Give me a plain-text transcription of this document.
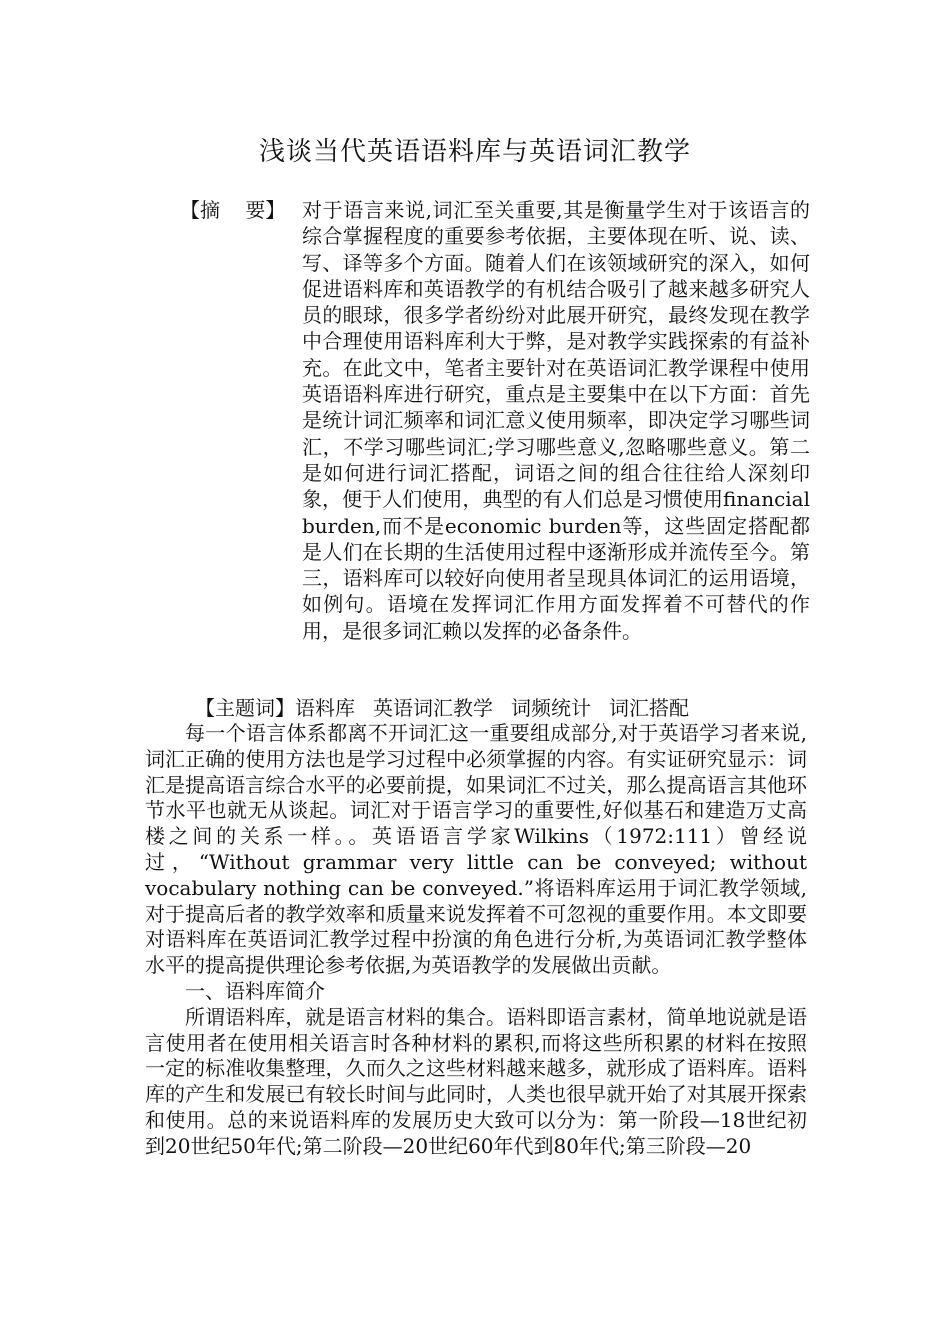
浅谈当代英语语料库与英语词汇教学
【摘    要】 对于语言来说,词汇至关重要,其是衡量学生对于该语言的综合掌握程度的重要参考依据，主要体现在听、说、读、写、译等多个方面。随着人们在该领域研究的深入，如何促进语料库和英语教学的有机结合吸引了越来越多研究人员的眼球，很多学者纷纷对此展开研究，最终发现在教学中合理使用语料库利大于弊，是对教学实践探索的有益补充。在此文中，笔者主要针对在英语词汇教学课程中使用英语语料库进行研究，重点是主要集中在以下方面：首先是统计词汇频率和词汇意义使用频率，即决定学习哪些词汇，不学习哪些词汇;学习哪些意义,忽略哪些意义。第二是如何进行词汇搭配，词语之间的组合往往给人深刻印象，便于人们使用，典型的有人们总是习惯使用financial burden,而不是economic burden等，这些固定搭配都是人们在长期的生活使用过程中逐渐形成并流传至今。第三，语料库可以较好向使用者呈现具体词汇的运用语境，如例句。语境在发挥词汇作用方面发挥着不可替代的作用，是很多词汇赖以发挥的必备条件。
【主题词】语料库 英语词汇教学 词频统计 词汇搭配

每一个语言体系都离不开词汇这一重要组成部分,对于英语学习者来说,词汇正确的使用方法也是学习过程中必须掌握的内容。有实证研究显示：词汇是提高语言综合水平的必要前提，如果词汇不过关，那么提高语言其他环节水平也就无从谈起。词汇对于语言学习的重要性,好似基石和建造万丈高楼之间的关系一样。。英语语言学家Wilkins（1972:111）曾经说过，“Without grammar very little can be conveyed; without vocabulary nothing can be conveyed.”将语料库运用于词汇教学领域,对于提高后者的教学效率和质量来说发挥着不可忽视的重要作用。本文即要对语料库在英语词汇教学过程中扮演的角色进行分析,为英语词汇教学整体水平的提高提供理论参考依据,为英语教学的发展做出贡献。

一、语料库简介

所谓语料库，就是语言材料的集合。语料即语言素材，简单地说就是语言使用者在使用相关语言时各种材料的累积,而将这些所积累的材料在按照一定的标准收集整理，久而久之这些材料越来越多，就形成了语料库。语料库的产生和发展已有较长时间与此同时，人类也很早就开始了对其展开探索和使用。总的来说语料库的发展历史大致可以分为：第一阶段—18世纪初到20世纪50年代;第二阶段—20世纪60年代到80年代;第三阶段—20
